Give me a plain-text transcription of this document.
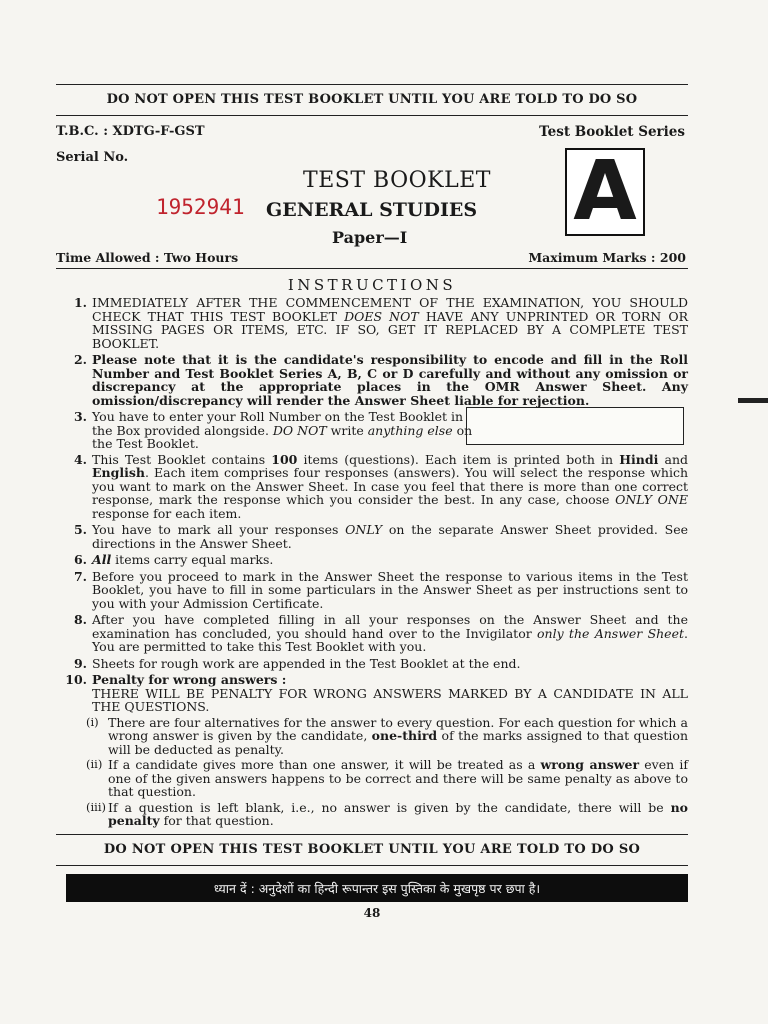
DO NOT OPEN THIS TEST BOOKLET UNTIL YOU ARE TOLD TO DO SO
T.B.C. : XDTG-F-GST	Test Booklet Series
Serial No.
TEST BOOKLET
1952941 GENERAL STUDIES
Paper—I A
Time Allowed : Two Hours	Maximum Marks : 200
INSTRUCTIONS
1. IMMEDIATELY AFTER THE COMMENCEMENT OF THE EXAMINATION, YOU SHOULD CHECK THAT THIS TEST BOOKLET DOES NOT HAVE ANY UNPRINTED OR TORN OR MISSING PAGES OR ITEMS, ETC. IF SO, GET IT REPLACED BY A COMPLETE TEST BOOKLET.
2. Please note that it is the candidate's responsibility to encode and fill in the Roll Number and Test Booklet Series A, B, C or D carefully and without any omission or discrepancy at the appropriate places in the OMR Answer Sheet. Any omission/discrepancy will render the Answer Sheet liable for rejection.
3. You have to enter your Roll Number on the Test Booklet in
the Box provided alongside. DO NOT write anything else on
the Test Booklet.
4. This Test Booklet contains 100 items (questions). Each item is printed both in Hindi and English. Each item comprises four responses (answers). You will select the response which you want to mark on the Answer Sheet. In case you feel that there is more than one correct response, mark the response which you consider the best. In any case, choose ONLY ONE response for each item.
5. You have to mark all your responses ONLY on the separate Answer Sheet provided. See directions in the Answer Sheet.
6. All items carry equal marks.
7. Before you proceed to mark in the Answer Sheet the response to various items in the Test Booklet, you have to fill in some particulars in the Answer Sheet as per instructions sent to you with your Admission Certificate.
8. After you have completed filling in all your responses on the Answer Sheet and the examination has concluded, you should hand over to the Invigilator only the Answer Sheet. You are permitted to take this Test Booklet with you.
9. Sheets for rough work are appended in the Test Booklet at the end.
10. Penalty for wrong answers :
THERE WILL BE PENALTY FOR WRONG ANSWERS MARKED BY A CANDIDATE IN ALL THE QUESTIONS.
(i) There are four alternatives for the answer to every question. For each question for which a wrong answer is given by the candidate, one-third of the marks assigned to that question will be deducted as penalty.
(ii) If a candidate gives more than one answer, it will be treated as a wrong answer even if one of the given answers happens to be correct and there will be same penalty as above to that question.
(iii) If a question is left blank, i.e., no answer is given by the candidate, there will be no penalty for that question.
DO NOT OPEN THIS TEST BOOKLET UNTIL YOU ARE TOLD TO DO SO
ध्यान दें : अनुदेशों का हिन्दी रूपान्तर इस पुस्तिका के मुखपृष्ठ पर छपा है।
48
